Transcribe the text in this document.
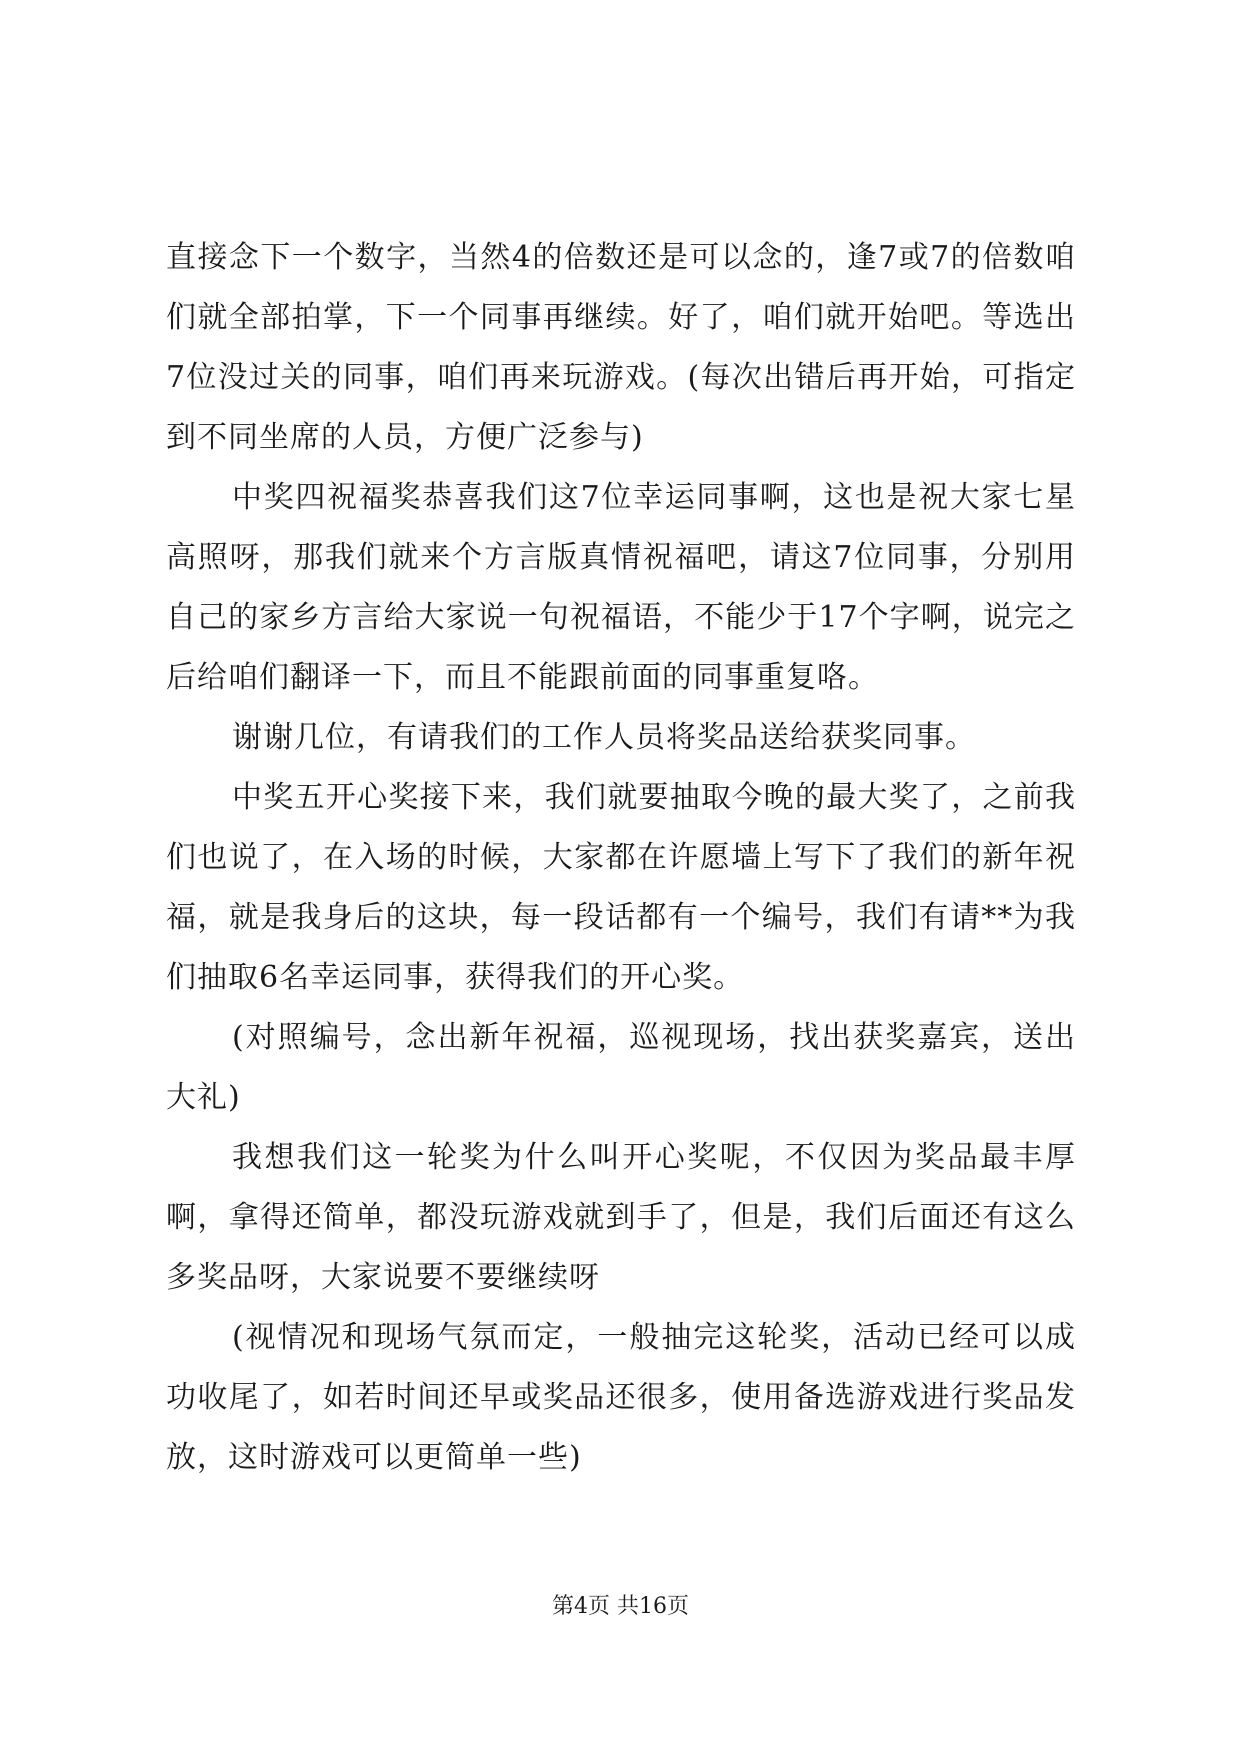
直接念下一个数字，当然4的倍数还是可以念的，逢7或7的倍数咱们就全部拍掌，下一个同事再继续。好了，咱们就开始吧。等选出7位没过关的同事，咱们再来玩游戏。(每次出错后再开始，可指定到不同坐席的人员，方便广泛参与)

中奖四祝福奖恭喜我们这7位幸运同事啊，这也是祝大家七星高照呀，那我们就来个方言版真情祝福吧，请这7位同事，分别用自己的家乡方言给大家说一句祝福语，不能少于17个字啊，说完之后给咱们翻译一下，而且不能跟前面的同事重复咯。

谢谢几位，有请我们的工作人员将奖品送给获奖同事。

中奖五开心奖接下来，我们就要抽取今晚的最大奖了，之前我们也说了，在入场的时候，大家都在许愿墙上写下了我们的新年祝福，就是我身后的这块，每一段话都有一个编号，我们有请**为我们抽取6名幸运同事，获得我们的开心奖。

(对照编号，念出新年祝福，巡视现场，找出获奖嘉宾，送出大礼)

我想我们这一轮奖为什么叫开心奖呢，不仅因为奖品最丰厚啊，拿得还简单，都没玩游戏就到手了，但是，我们后面还有这么多奖品呀，大家说要不要继续呀

(视情况和现场气氛而定，一般抽完这轮奖，活动已经可以成功收尾了，如若时间还早或奖品还很多，使用备选游戏进行奖品发放，这时游戏可以更简单一些)

第4页 共16页
